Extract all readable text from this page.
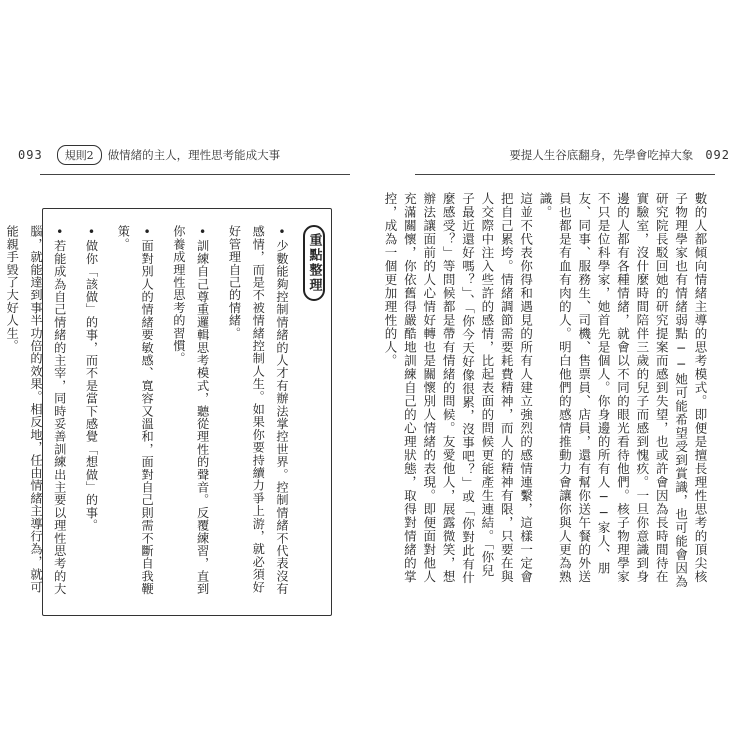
093	規則2	做情緒的主人，理性思考能成大事	要提人生谷底翻身，先學會吃掉大象 092
重點整理

•少數能夠控制情緒的人才有辦法掌控世界。控制情緒不代表沒有感情，而是不被情緒控制人生。如果你要持續力爭上游，就必須好好管理自己的情緒。

•訓練自己尊重邏輯思考模式，聽從理性的聲音。反覆練習，直到你養成理性思考的習慣。

•面對別人的情緒要敏感、寬容又溫和，面對自己則需不斷自我鞭策。

•做你「該做」的事，而不是當下感覺「想做」的事。

•若能成為自己情緒的主宰，同時妥善訓練出主要以理性思考的大腦，就能達到事半功倍的效果。相反地，任由情緒主導行為，就可能親手毀了大好人生。	數的人都傾向情緒主導的思考模式。即便是擅長理性思考的頂尖核子物理學家也有情緒弱點──她可能希望受到賞識，也可能會因為研究院長駁回她的研究提案而感到失望，也或許會因為長時間待在實驗室，沒什麼時間陪伴三歲的兒子而感到愧疚。一旦你意識到身邊的人都有各種情緒，就會以不同的眼光看待他們。核子物理學家不只是位科學家，她首先是個人。你身邊的所有人──家人、朋友、同事、服務生、司機、售票員、店員，還有幫你送午餐的外送員也都是有血有肉的人。明白他們的感情推動力會讓你與人更為熟識。

這並不代表你得和遇見的所有人建立強烈的感情連繫，這樣一定會把自己累垮。情緒調節需要耗費精神，而人的精神有限，只要在與人交際中注入些許的感情，比起表面的問候更能產生連結。「你兒子最近還好嗎？」、「你今天好像很累，沒事吧？」或「你對此有什麼感受？」等問候都是帶有情緒的問候。友愛他人，展露微笑，想辦法讓面前的人心情好轉也是關懷別人情緒的表現。即便面對他人充滿關懷，你依舊得嚴酷地訓練自己的心理狀態，取得對情緒的掌控，成為一個更加理性的人。
